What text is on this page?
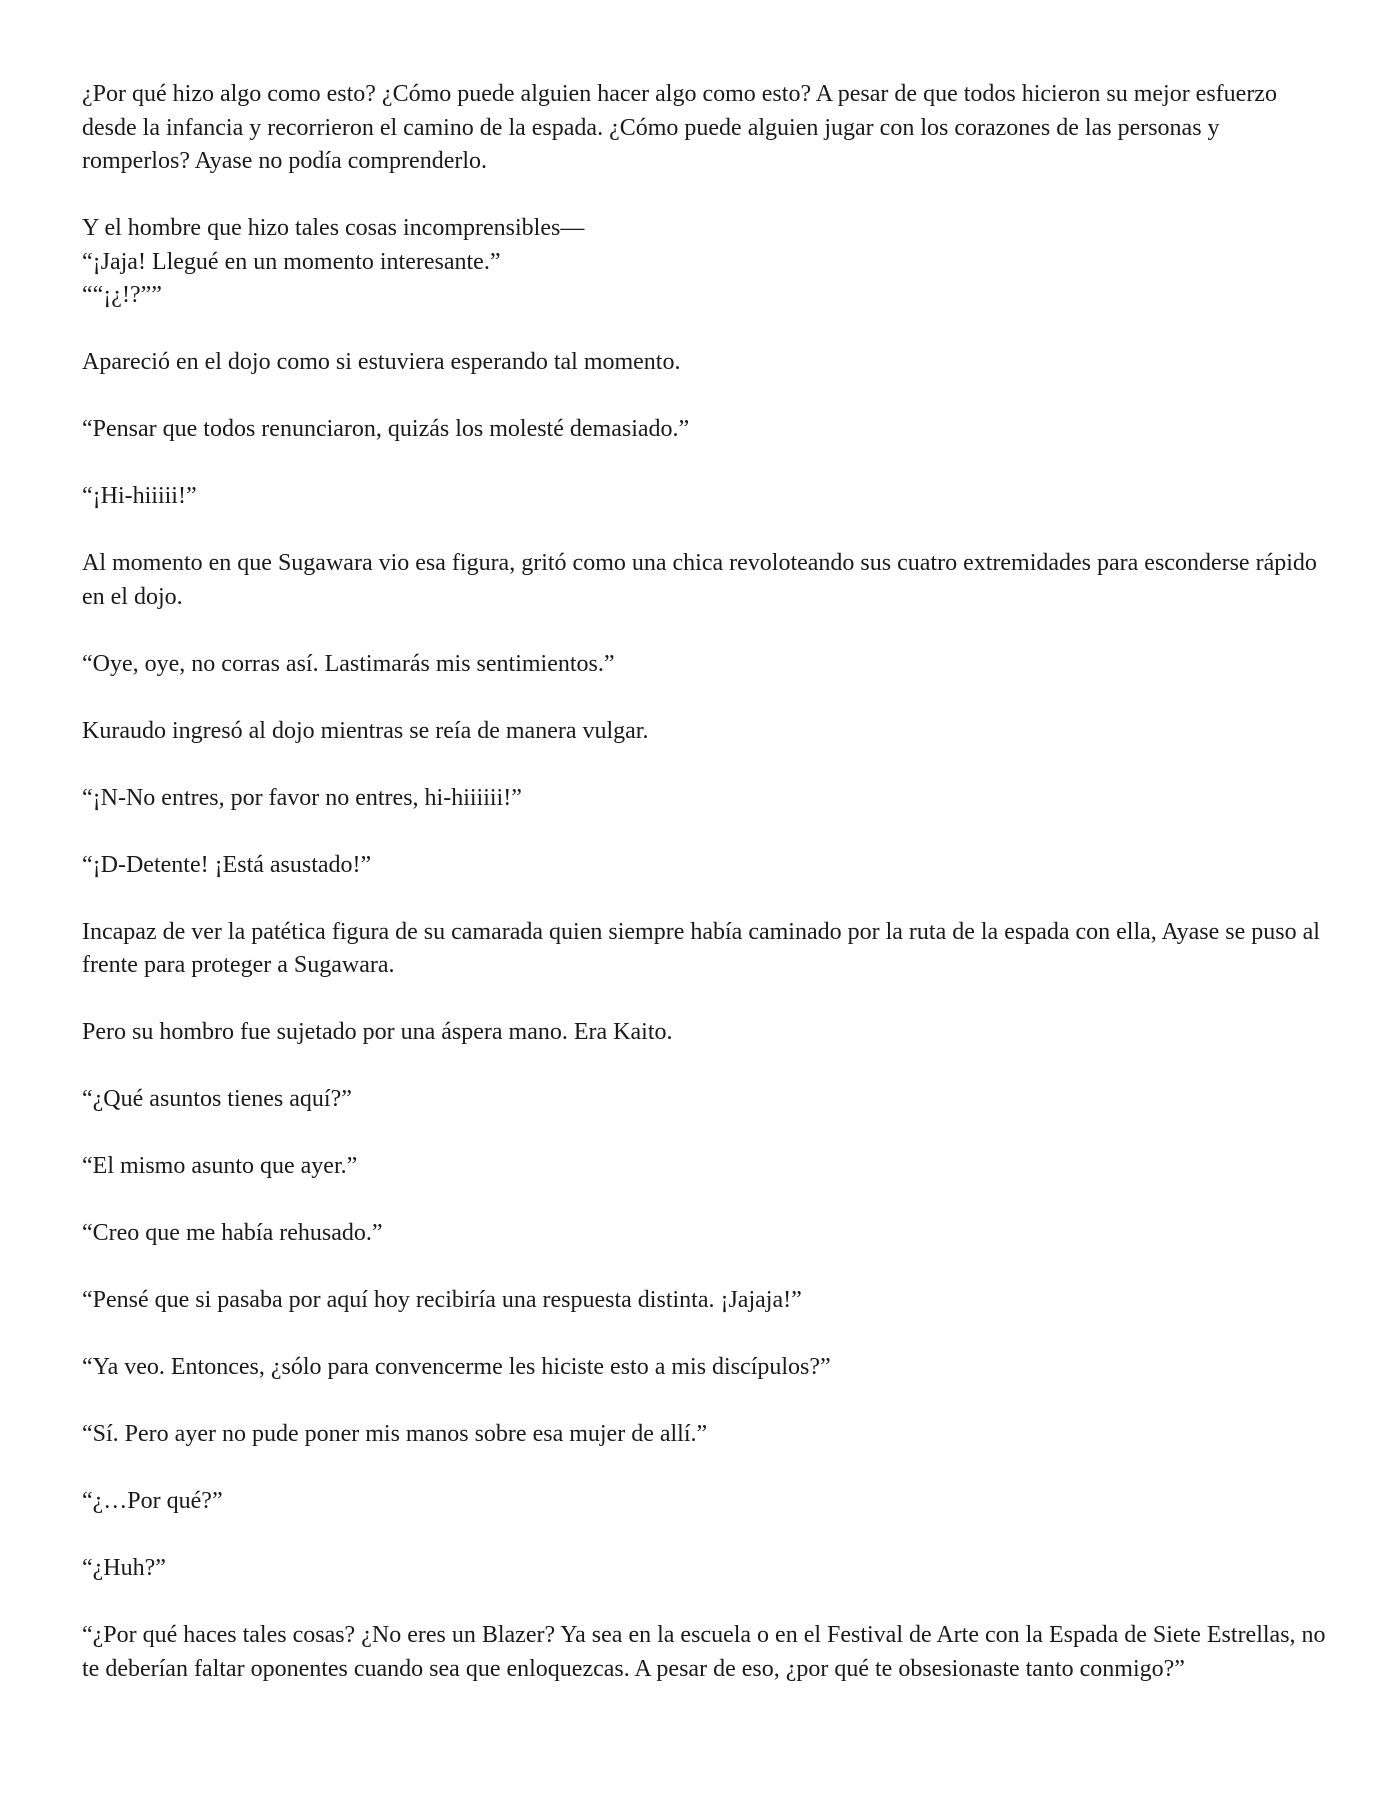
¿Por qué hizo algo como esto? ¿Cómo puede alguien hacer algo como esto? A pesar de que todos hicieron su mejor esfuerzo desde la infancia y recorrieron el camino de la espada. ¿Cómo puede alguien jugar con los corazones de las personas y romperlos? Ayase no podía comprenderlo.
Y el hombre que hizo tales cosas incomprensibles—
“¡Jaja! Llegué en un momento interesante.”
““¡¿!?””
Apareció en el dojo como si estuviera esperando tal momento.
“Pensar que todos renunciaron, quizás los molesté demasiado.”
“¡Hi-hiiiii!”
Al momento en que Sugawara vio esa figura, gritó como una chica revoloteando sus cuatro extremidades para esconderse rápido en el dojo.
“Oye, oye, no corras así. Lastimarás mis sentimientos.”
Kuraudo ingresó al dojo mientras se reía de manera vulgar.
“¡N-No entres, por favor no entres, hi-hiiiiii!”
“¡D-Detente! ¡Está asustado!”
Incapaz de ver la patética figura de su camarada quien siempre había caminado por la ruta de la espada con ella, Ayase se puso al frente para proteger a Sugawara.
Pero su hombro fue sujetado por una áspera mano. Era Kaito.
“¿Qué asuntos tienes aquí?”
“El mismo asunto que ayer.”
“Creo que me había rehusado.”
“Pensé que si pasaba por aquí hoy recibiría una respuesta distinta. ¡Jajaja!”
“Ya veo. Entonces, ¿sólo para convencerme les hiciste esto a mis discípulos?”
“Sí. Pero ayer no pude poner mis manos sobre esa mujer de allí.”
“¿…Por qué?”
“¿Huh?”
“¿Por qué haces tales cosas? ¿No eres un Blazer? Ya sea en la escuela o en el Festival de Arte con la Espada de Siete Estrellas, no te deberían faltar oponentes cuando sea que enloquezcas. A pesar de eso, ¿por qué te obsesionaste tanto conmigo?”
